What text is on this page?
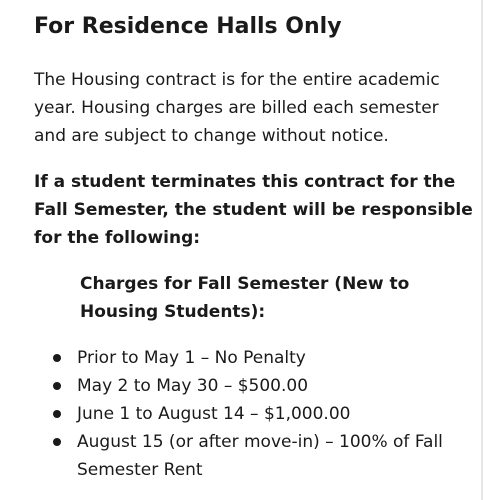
For Residence Halls Only

The Housing contract is for the entire academic
year. Housing charges are billed each semester
and are subject to change without notice.

If a student terminates this contract for the
Fall Semester, the student will be responsible
for the following:

Charges for Fall Semester (New to
Housing Students):

Prior to May 1 – No Penalty
May 2 to May 30 – $500.00
June 1 to August 14 – $1,000.00
August 15 (or after move-in) – 100% of Fall
Semester Rent
